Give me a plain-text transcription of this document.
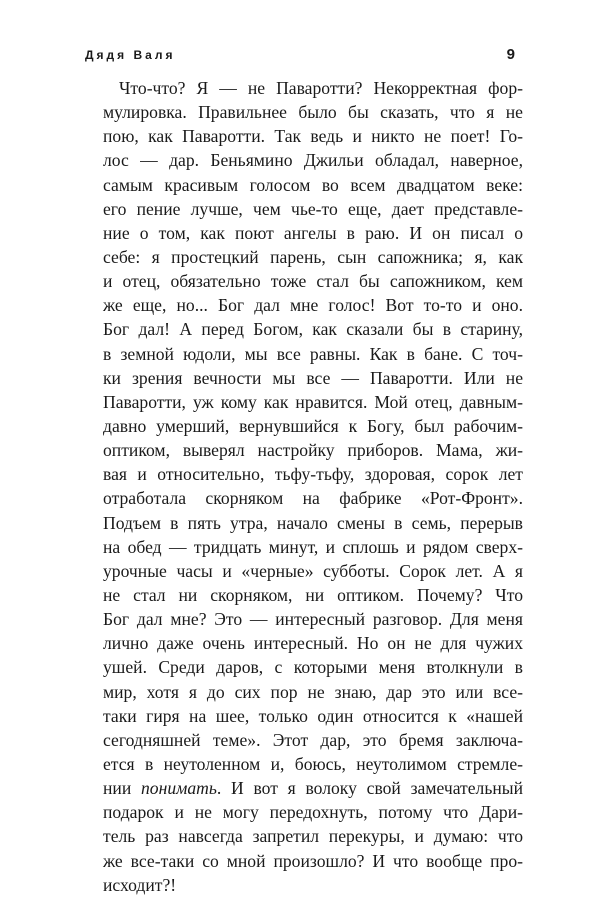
Дядя Валя	9
Что-что? Я — не Паваротти? Некорректная фор-
мулировка. Правильнее было бы сказать, что я не
пою, как Паваротти. Так ведь и никто не поет! Го-
лос — дар. Беньямино Джильи обладал, наверное,
самым красивым голосом во всем двадцатом веке:
его пение лучше, чем чье-то еще, дает представле-
ние о том, как поют ангелы в раю. И он писал о
себе: я простецкий парень, сын сапожника; я, как
и отец, обязательно тоже стал бы сапожником, кем
же еще, но... Бог дал мне голос! Вот то-то и оно.
Бог дал! А перед Богом, как сказали бы в старину,
в земной юдоли, мы все равны. Как в бане. С точ-
ки зрения вечности мы все — Паваротти. Или не
Паваротти, уж кому как нравится. Мой отец, давным-
давно умерший, вернувшийся к Богу, был рабочим-
оптиком, выверял настройку приборов. Мама, жи-
вая и относительно, тьфу-тьфу, здоровая, сорок лет
отработала скорняком на фабрике «Рот-Фронт».
Подъем в пять утра, начало смены в семь, перерыв
на обед — тридцать минут, и сплошь и рядом сверх-
урочные часы и «черные» субботы. Сорок лет. А я
не стал ни скорняком, ни оптиком. Почему? Что
Бог дал мне? Это — интересный разговор. Для меня
лично даже очень интересный. Но он не для чужих
ушей. Среди даров, с которыми меня втолкнули в
мир, хотя я до сих пор не знаю, дар это или все-
таки гиря на шее, только один относится к «нашей
сегодняшней теме». Этот дар, это бремя заключа-
ется в неутоленном и, боюсь, неутолимом стремле-
нии понимать. И вот я волоку свой замечательный
подарок и не могу передохнуть, потому что Дари-
тель раз навсегда запретил перекуры, и думаю: что
же все-таки со мной произошло? И что вообще про-
исходит?!
